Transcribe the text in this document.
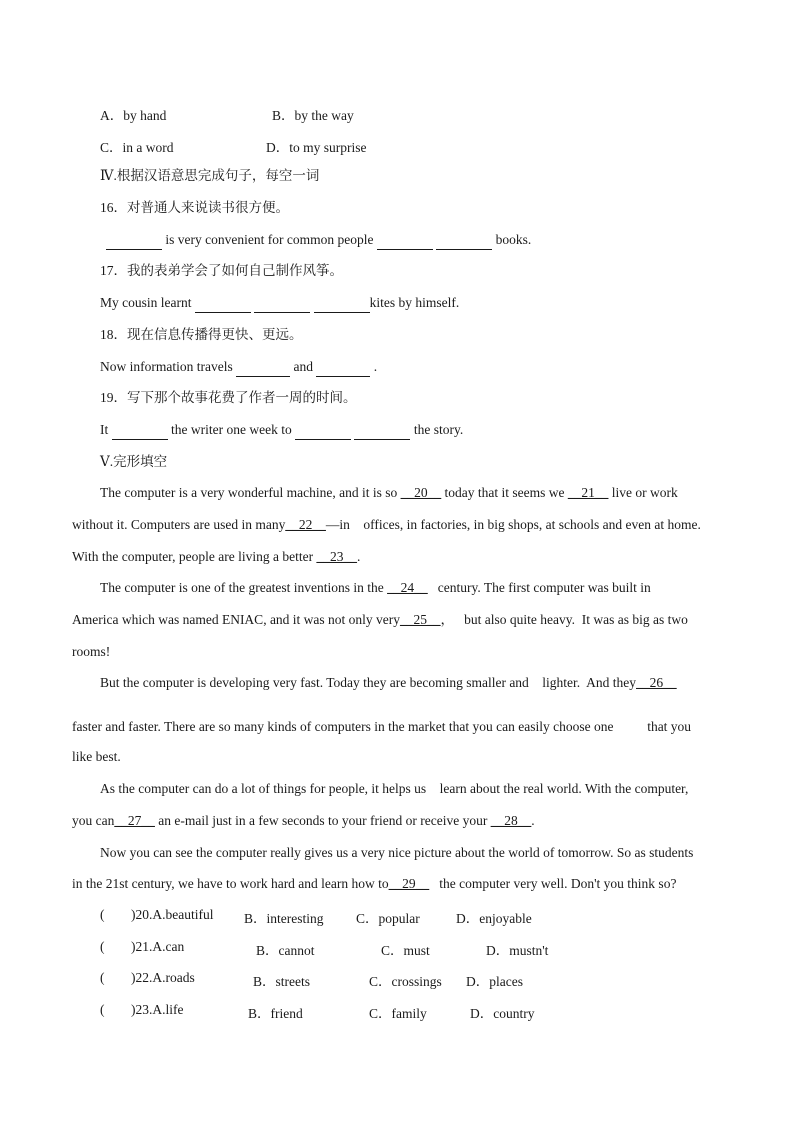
A．by hand	B．by the way
C．in a word	D．to my surprise
Ⅳ.根据汉语意思完成句子，每空一词
16．对普通人来说读书很方便。
is very convenient for common people	books.
17．我的表弟学会了如何自己制作风筝。
My cousin learnt	kites by himself.
18．现在信息传播得更快、更远。
Now information travels	and	.
19．写下那个故事花费了作者一周的时间。
It	the writer one week to	the story.
Ⅴ.完形填空
The computer is a very wonderful machine, and it is so __20__ today that it seems we __21__ live or work
without it. Computers are used in many__22__—in    offices, in factories, in big shops, at schools and even at home.
With the computer, people are living a better __23__.
The computer is one of the greatest inventions in the __24__   century. The first computer was built in
America which was named ENIAC, and it was not only very__25__，   but also quite heavy.  It was as big as two
rooms!
But the computer is developing very fast. Today they are becoming smaller and    lighter.  And they__26__
faster and faster. There are so many kinds of computers in the market that you can easily choose one          that you
like best.
As the computer can do a lot of things for people, it helps us    learn about the real world. With the computer,
you can__27__ an e-mail just in a few seconds to your friend or receive your __28__.
Now you can see the computer really gives us a very nice picture about the world of tomorrow. So as students
in the 21st century, we have to work hard and learn how to__29__   the computer very well. Don't you think so?
( )20.A.beautiful B．interesting C．popular	D．enjoyable
( )21.A.can	B．cannot	C．must	D．mustn't
( )22.A.roads	B．streets	C．crossings D．places
( )23.A.life	B．friend	C．family	D．country
